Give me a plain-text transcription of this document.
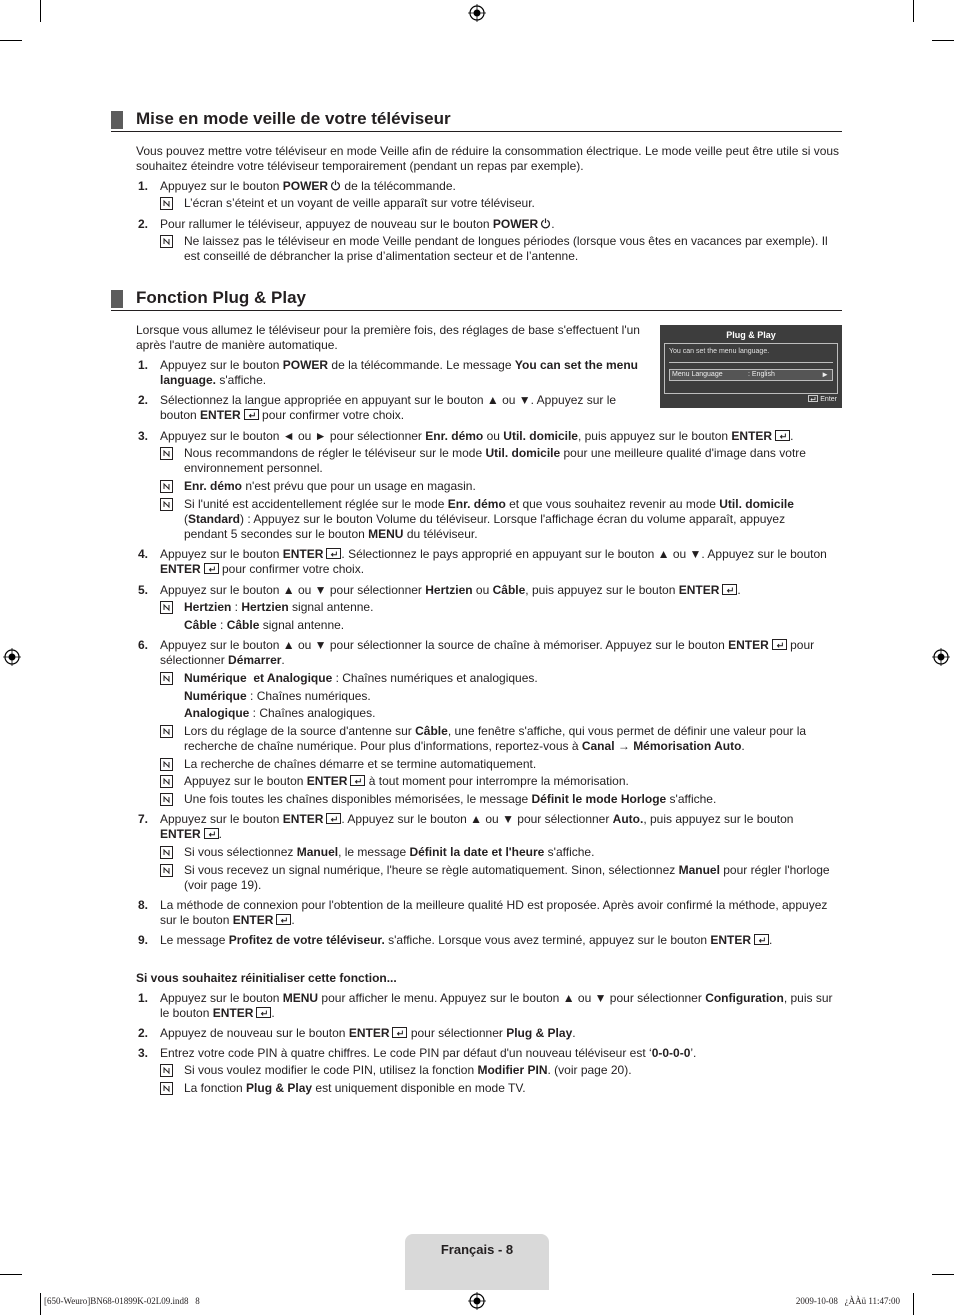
Mise en mode veille de votre téléviseur
Vous pouvez mettre votre téléviseur en mode Veille afin de réduire la consommation électrique. Le mode veille peut être utile si vous souhaitez éteindre votre téléviseur temporairement (pendant un repas par exemple).
1. Appuyez sur le bouton POWER de la télécommande.
L’écran s’éteint et un voyant de veille apparaît sur votre téléviseur.
2. Pour rallumer le téléviseur, appuyez de nouveau sur le bouton POWER .
Ne laissez pas le téléviseur en mode Veille pendant de longues périodes (lorsque vous êtes en vacances par exemple). Il est conseillé de débrancher la prise d’alimentation secteur et de l’antenne.
Fonction Plug & Play
Lorsque vous allumez le téléviseur pour la première fois, des réglages de base s'effectuent l'un après l'autre de manière automatique.
Plug & Play
You can set the menu language.
Menu Language	: English	►
Enter
1. Appuyez sur le bouton POWER de la télécommande. Le message You can set the menu language. s'affiche.
2. Sélectionnez la langue appropriée en appuyant sur le bouton ▲ ou ▼. Appuyez sur le bouton ENTER pour confirmer votre choix.
3. Appuyez sur le bouton ◄ ou ► pour sélectionner Enr. démo ou Util. domicile, puis appuyez sur le bouton ENTER .
Nous recommandons de régler le téléviseur sur le mode Util. domicile pour une meilleure qualité d'image dans votre environnement personnel.
Enr. démo n'est prévu que pour un usage en magasin.
Si l'unité est accidentellement réglée sur le mode Enr. démo et que vous souhaitez revenir au mode Util. domicile (Standard) : Appuyez sur le bouton Volume du téléviseur. Lorsque l'affichage écran du volume apparaît, appuyez pendant 5 secondes sur le bouton MENU du téléviseur.
4. Appuyez sur le bouton ENTER . Sélectionnez le pays approprié en appuyant sur le bouton ▲ ou ▼. Appuyez sur le bouton ENTER pour confirmer votre choix.
5. Appuyez sur le bouton ▲ ou ▼ pour sélectionner Hertzien ou Câble, puis appuyez sur le bouton ENTER .
Hertzien : Hertzien signal antenne.
Câble : Câble signal antenne.
6. Appuyez sur le bouton ▲ ou ▼ pour sélectionner la source de chaîne à mémoriser. Appuyez sur le bouton ENTER pour sélectionner Démarrer.
Numérique  et Analogique : Chaînes numériques et analogiques.
Numérique : Chaînes numériques.
Analogique : Chaînes analogiques.
Lors du réglage de la source d'antenne sur Câble, une fenêtre s'affiche, qui vous permet de définir une valeur pour la recherche de chaîne numérique. Pour plus d'informations, reportez-vous à Canal → Mémorisation Auto.
La recherche de chaînes démarre et se termine automatiquement.
Appuyez sur le bouton ENTER à tout moment pour interrompre la mémorisation.
Une fois toutes les chaînes disponibles mémorisées, le message Définit le mode Horloge s'affiche.
7. Appuyez sur le bouton ENTER . Appuyez sur le bouton ▲ ou ▼ pour sélectionner Auto., puis appuyez sur le bouton ENTER .
Si vous sélectionnez Manuel, le message Définit la date et l'heure s'affiche.
Si vous recevez un signal numérique, l'heure se règle automatiquement. Sinon, sélectionnez Manuel pour régler l'horloge (voir page 19).
8. La méthode de connexion pour l'obtention de la meilleure qualité HD est proposée. Après avoir confirmé la méthode, appuyez sur le bouton ENTER .
9. Le message Profitez de votre téléviseur. s'affiche. Lorsque vous avez terminé, appuyez sur le bouton ENTER .
Si vous souhaitez réinitialiser cette fonction...
1. Appuyez sur le bouton MENU pour afficher le menu. Appuyez sur le bouton ▲ ou ▼ pour sélectionner Configuration, puis sur le bouton ENTER .
2. Appuyez de nouveau sur le bouton ENTER pour sélectionner Plug & Play.
3. Entrez votre code PIN à quatre chiffres. Le code PIN par défaut d'un nouveau téléviseur est ‘0-0-0-0’.
Si vous voulez modifier le code PIN, utilisez la fonction Modifier PIN. (voir page 20).
La fonction Plug & Play est uniquement disponible en mode TV.
Français - 8
[650-Weuro]BN68-01899K-02L09.ind8   8	2009-10-08   ¿ÀÀü 11:47:00
